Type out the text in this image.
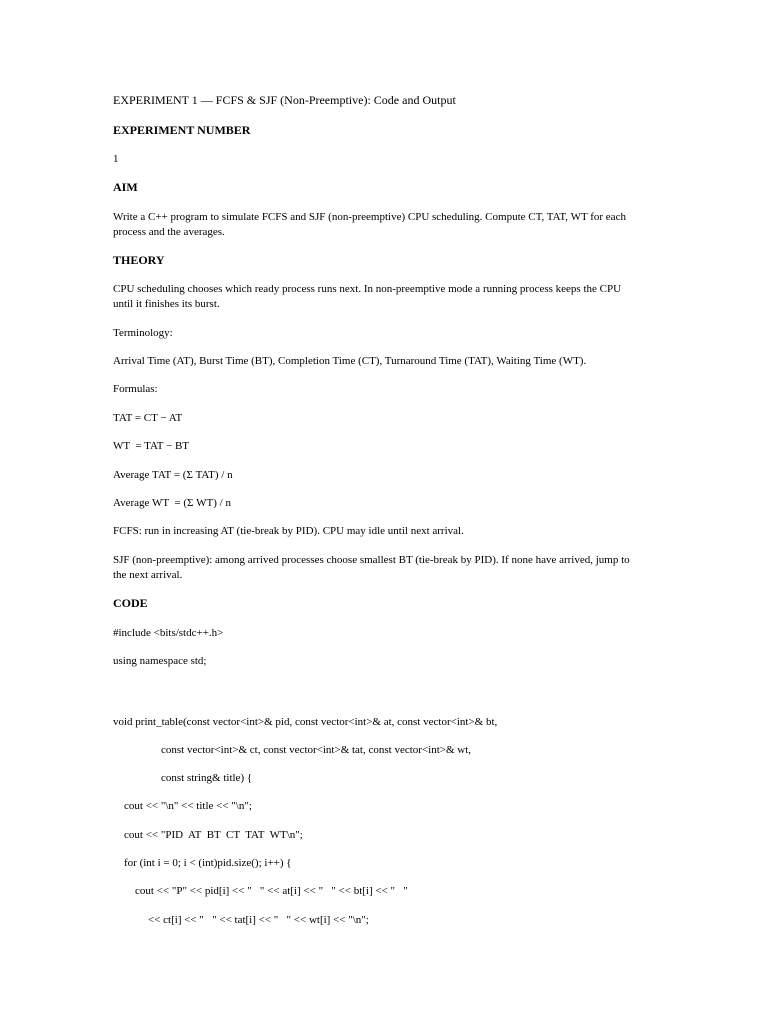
EXPERIMENT 1 — FCFS & SJF (Non-Preemptive): Code and Output
EXPERIMENT NUMBER
1
AIM
Write a C++ program to simulate FCFS and SJF (non-preemptive) CPU scheduling. Compute CT, TAT, WT for each
process and the averages.
THEORY
CPU scheduling chooses which ready process runs next. In non-preemptive mode a running process keeps the CPU
until it finishes its burst.
Terminology:
Arrival Time (AT), Burst Time (BT), Completion Time (CT), Turnaround Time (TAT), Waiting Time (WT).
Formulas:
TAT = CT − AT
WT  = TAT − BT
Average TAT = (Σ TAT) / n
Average WT  = (Σ WT) / n
FCFS: run in increasing AT (tie-break by PID). CPU may idle until next arrival.
SJF (non-preemptive): among arrived processes choose smallest BT (tie-break by PID). If none have arrived, jump to
the next arrival.
CODE
#include <bits/stdc++.h>
using namespace std;
void print_table(const vector<int>& pid, const vector<int>& at, const vector<int>& bt,
const vector<int>& ct, const vector<int>& tat, const vector<int>& wt,
const string& title) {
cout << "\n" << title << "\n";
cout << "PID  AT  BT  CT  TAT  WT\n";
for (int i = 0; i < (int)pid.size(); i++) {
cout << "P" << pid[i] << "   " << at[i] << "   " << bt[i] << "   "
<< ct[i] << "   " << tat[i] << "   " << wt[i] << "\n";
